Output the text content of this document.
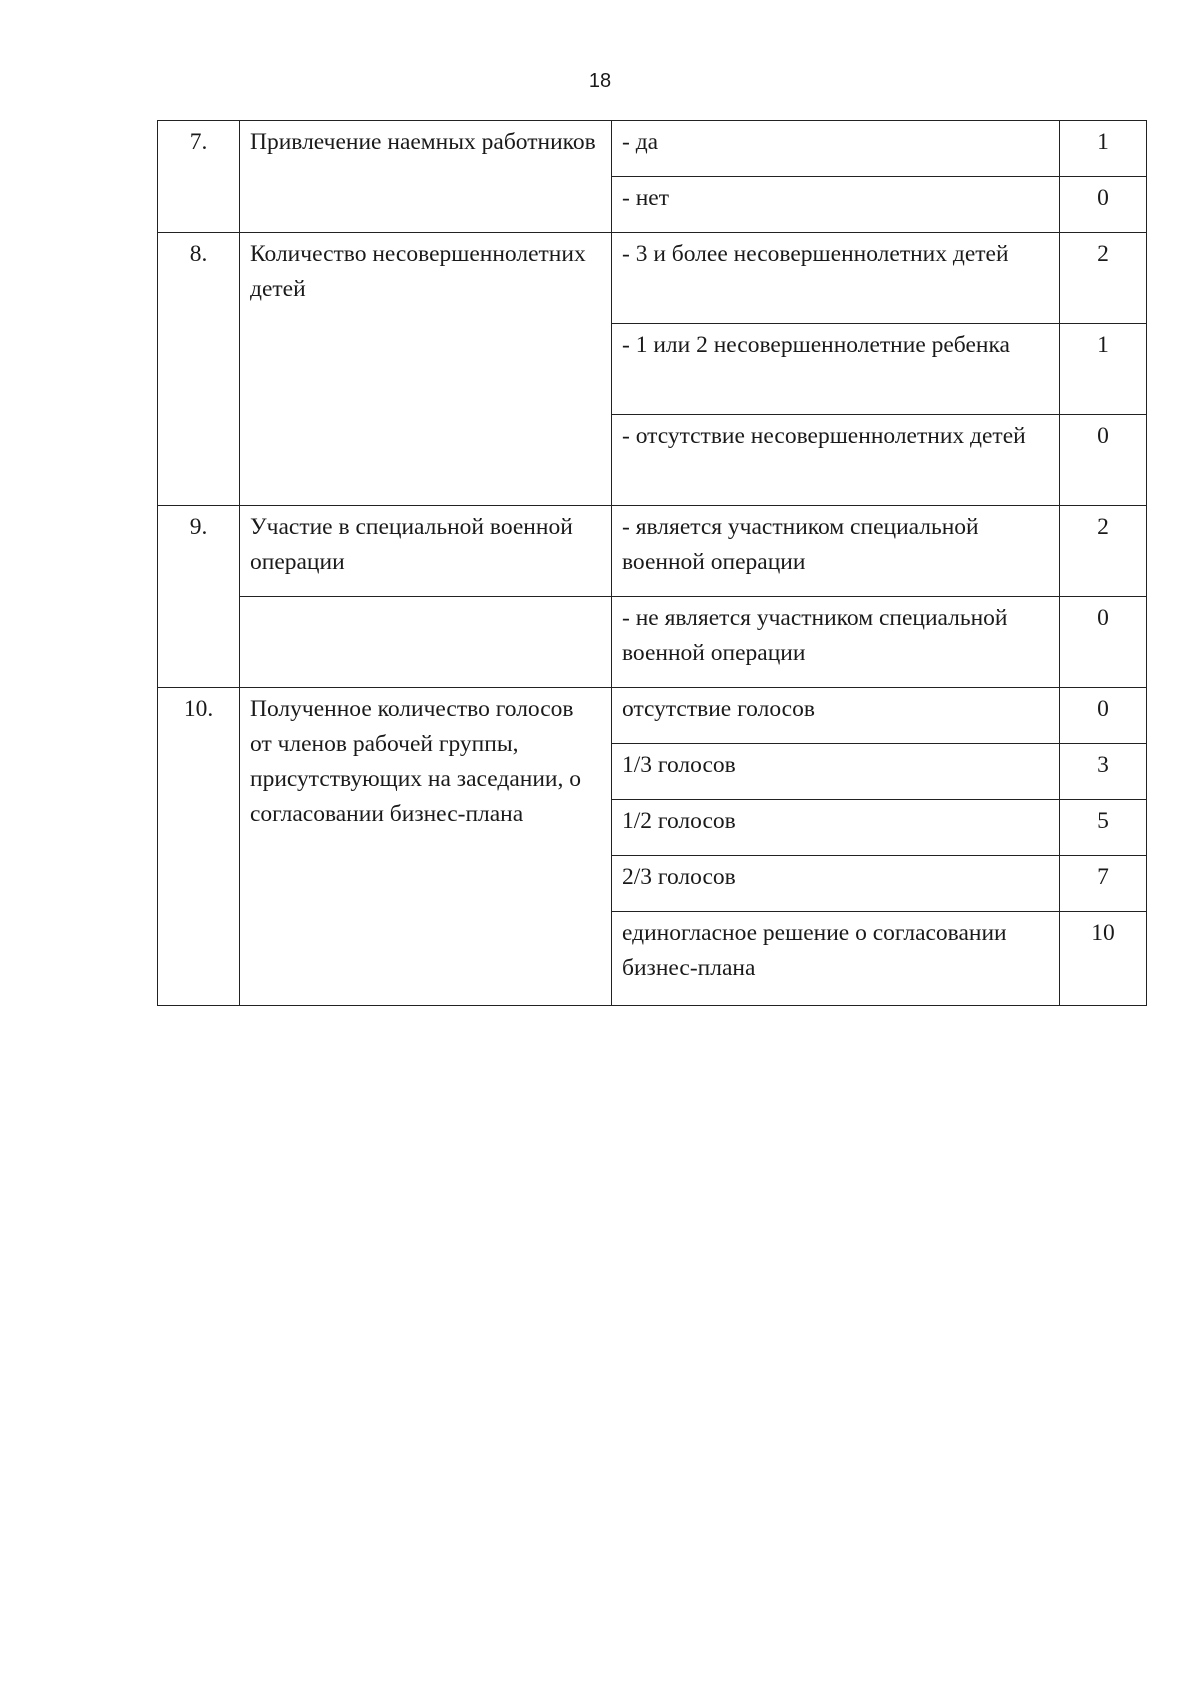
18
7.	Привлечение наемных работников	- да	1
		- нет	0
8.	Количество несовершеннолетних детей	- 3 и более несовершеннолетних детей	2
		- 1 или 2 несовершеннолетние ребенка	1
		- отсутствие несовершеннолетних детей	0
9.	Участие в специальной военной операции	- является участником специальной военной операции	2
		- не является участником специальной военной операции	0
10.	Полученное количество голосов от членов рабочей группы, присутствующих на заседании, о согласовании бизнес-плана	отсутствие голосов	0
		1/3 голосов	3
		1/2 голосов	5
		2/3 голосов	7
		единогласное решение о согласовании бизнес-плана	10
